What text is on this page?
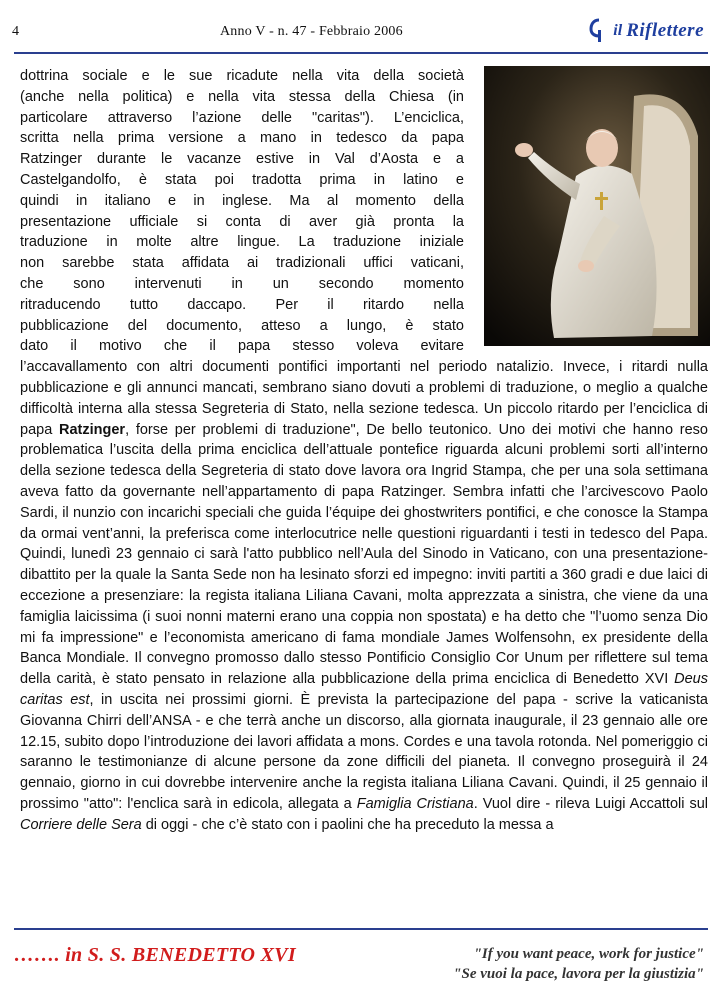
4	Anno V - n. 47 - Febbraio 2006	il Riflettere
dottrina sociale e le sue ricadute nella vita della società
(anche nella politica) e nella vita stessa della Chiesa (in
particolare attraverso l’azione delle "caritas"). L’enciclica,
scritta nella prima versione a mano in tedesco da papa
Ratzinger durante le vacanze estive in Val d’Aosta e a
Castelgandolfo, è stata poi tradotta prima in latino e
quindi in italiano e in inglese. Ma al momento della
presentazione ufficiale si conta di aver già pronta la
traduzione in molte altre lingue. La traduzione iniziale
non sarebbe stata affidata ai tradizionali uffici vaticani,
che sono intervenuti in un secondo momento
ritraducendo tutto daccapo. Per il ritardo nella
pubblicazione del documento, atteso a lungo, è stato
dato il motivo che il papa stesso voleva evitare

l’accavallamento con altri documenti pontifici importanti nel periodo natalizio. Invece, i ritardi nulla pubblicazione e gli annunci mancati, sembrano siano dovuti a problemi di traduzione, o meglio a qualche difficoltà interna alla stessa Segreteria di Stato, nella sezione tedesca. Un piccolo ritardo per l’enciclica di papa Ratzinger, forse per problemi di traduzione", De bello teutonico. Uno dei motivi che hanno reso problematica l’uscita della prima enciclica dell’attuale pontefice riguarda alcuni problemi sorti all’interno della sezione tedesca della Segreteria di stato dove lavora ora Ingrid Stampa, che per una sola settimana aveva fatto da governante nell’appartamento di papa Ratzinger. Sembra infatti che l’arcivescovo Paolo Sardi, il nunzio con incarichi speciali che guida l’équipe dei ghostwriters pontifici, e che conosce la Stampa da ormai vent’anni, la preferisca come interlocutrice nelle questioni riguardanti i testi in tedesco del Papa. Quindi, lunedì 23 gennaio ci sarà l'atto pubblico nell’Aula del Sinodo in Vaticano, con una presentazione-dibattito per la quale la Santa Sede non ha lesinato sforzi ed impegno: inviti partiti a 360 gradi e due laici di eccezione a presenziare: la regista italiana Liliana Cavani, molta apprezzata a sinistra, che viene da una famiglia laicissima (i suoi nonni materni erano una coppia non spostata) e ha detto che "l’uomo senza Dio mi fa impressione" e l’economista americano di fama mondiale James Wolfensohn, ex presidente della Banca Mondiale. Il convegno promosso dallo stesso Pontificio Consiglio Cor Unum per riflettere sul tema della carità, è stato pensato in relazione alla pubblicazione della prima enciclica di Benedetto XVI Deus caritas est, in uscita nei prossimi giorni. È prevista la partecipazione del papa - scrive la vaticanista Giovanna Chirri dell’ANSA - e che terrà anche un discorso, alla giornata inaugurale, il 23 gennaio alle ore 12.15, subito dopo l’introduzione dei lavori affidata a mons. Cordes e una tavola rotonda. Nel pomeriggio ci saranno le testimonianze di alcune persone da zone difficili del pianeta. Il convegno proseguirà il 24 gennaio, giorno in cui dovrebbe intervenire anche la regista italiana Liliana Cavani. Quindi, il 25 gennaio il prossimo "atto": l'enclica sarà in edicola, allegata a Famiglia Cristiana. Vuol dire - rileva Luigi Accattoli sul Corriere delle Sera di oggi - che c’è stato con i paolini che ha preceduto la messa a

……. in S. S. BENEDETTO XVI	"If you want peace, work for justice"
"Se vuoi la pace, lavora per la giustizia"
